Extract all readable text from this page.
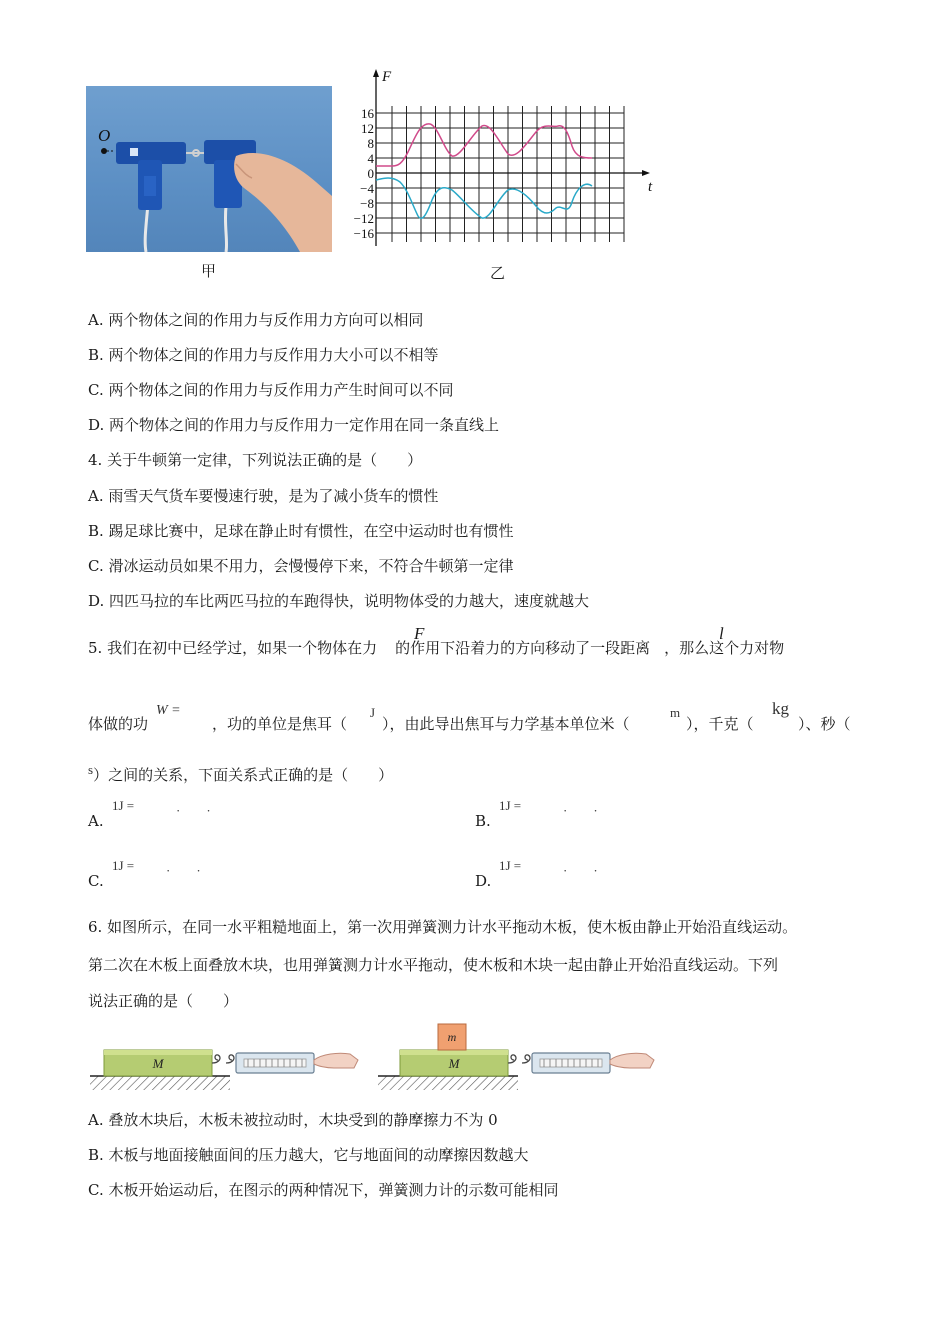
O
16
12
8
4
0
−4
−8
−12
−16
F
t
甲	乙
A. 两个物体之间的作用力与反作用力方向可以相同
B. 两个物体之间的作用力与反作用力大小可以不相等
C. 两个物体之间的作用力与反作用力产生时间可以不同
D. 两个物体之间的作用力与反作用力一定作用在同一条直线上
4. 关于牛顿第一定律，下列说法正确的是（　　）
A. 雨雪天气货车要慢速行驶，是为了减小货车的惯性
B. 踢足球比赛中，足球在静止时有惯性，在空中运动时也有惯性
C. 滑冰运动员如果不用力，会慢慢停下来，不符合牛顿第一定律
D. 四匹马拉的车比两匹马拉的车跑得快，说明物体受的力越大，速度就越大
5. 我们在初中已经学过，如果一个物体在力
F
的作用下沿着力的方向移动了一段距离
l
，那么这个力对物
体做的功
W =
，功的单位是焦耳（
J
），由此导出焦耳与力学基本单位米（
m
），千克（
kg
）、秒（
s）之间的关系，下面关系式正确的是（　　）
A.
1J =	·　　·
B.
1J =	·　　·
C.
1J = ·　　·
D.
1J =	·　　·
6. 如图所示，在同一水平粗糙地面上，第一次用弹簧测力计水平拖动木板，使木板由静止开始沿直线运动。
第二次在木板上面叠放木块，也用弹簧测力计水平拖动，使木板和木块一起由静止开始沿直线运动。下列
说法正确的是（　　）
M	M
m
A. 叠放木块后，木板未被拉动时，木块受到的静摩擦力不为 0
B. 木板与地面接触面间的压力越大，它与地面间的动摩擦因数越大
C. 木板开始运动后，在图示的两种情况下，弹簧测力计的示数可能相同
